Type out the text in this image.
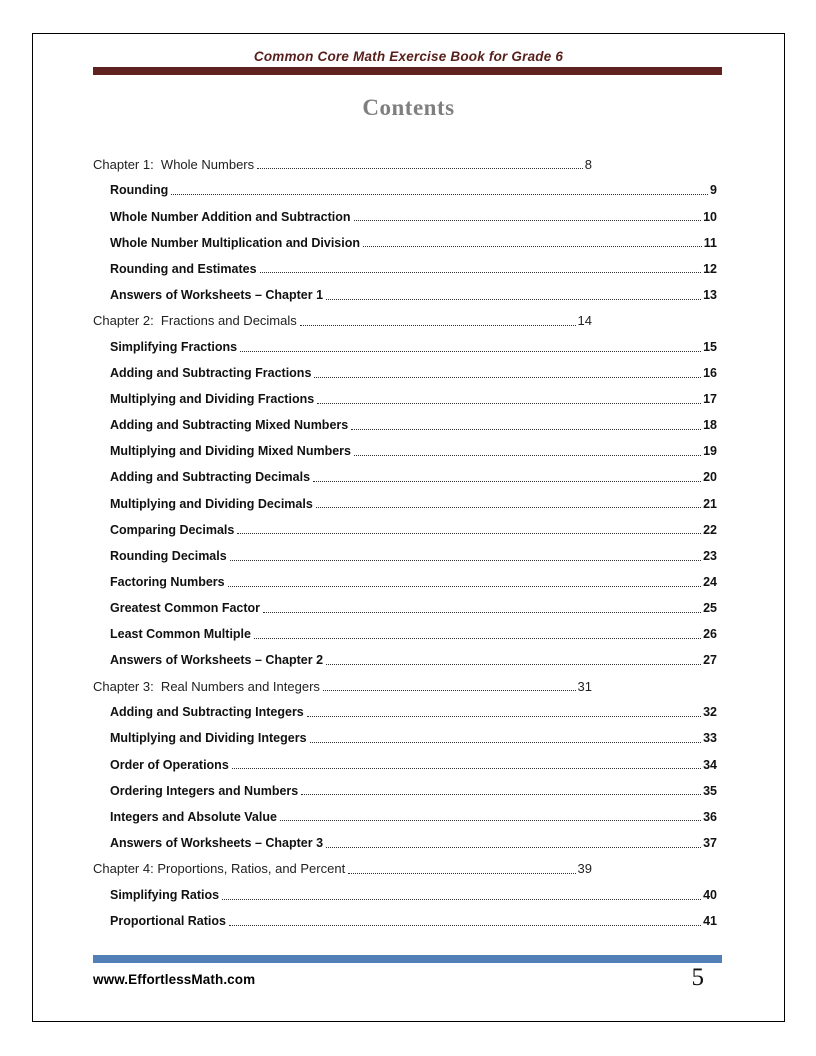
Common Core Math Exercise Book for Grade 6
Contents
Chapter 1:  Whole Numbers	8
Rounding	9
Whole Number Addition and Subtraction	10
Whole Number Multiplication and Division	11
Rounding and Estimates	12
Answers of Worksheets – Chapter 1	13
Chapter 2:  Fractions and Decimals	14
Simplifying Fractions	15
Adding and Subtracting Fractions	16
Multiplying and Dividing Fractions	17
Adding and Subtracting Mixed Numbers	18
Multiplying and Dividing Mixed Numbers	19
Adding and Subtracting Decimals	20
Multiplying and Dividing Decimals	21
Comparing Decimals	22
Rounding Decimals	23
Factoring Numbers	24
Greatest Common Factor	25
Least Common Multiple	26
Answers of Worksheets – Chapter 2	27
Chapter 3:  Real Numbers and Integers	31
Adding and Subtracting Integers	32
Multiplying and Dividing Integers	33
Order of Operations	34
Ordering Integers and Numbers	35
Integers and Absolute Value	36
Answers of Worksheets – Chapter 3	37
Chapter 4: Proportions, Ratios, and Percent	39
Simplifying Ratios	40
Proportional Ratios	41
www.EffortlessMath.com	5
